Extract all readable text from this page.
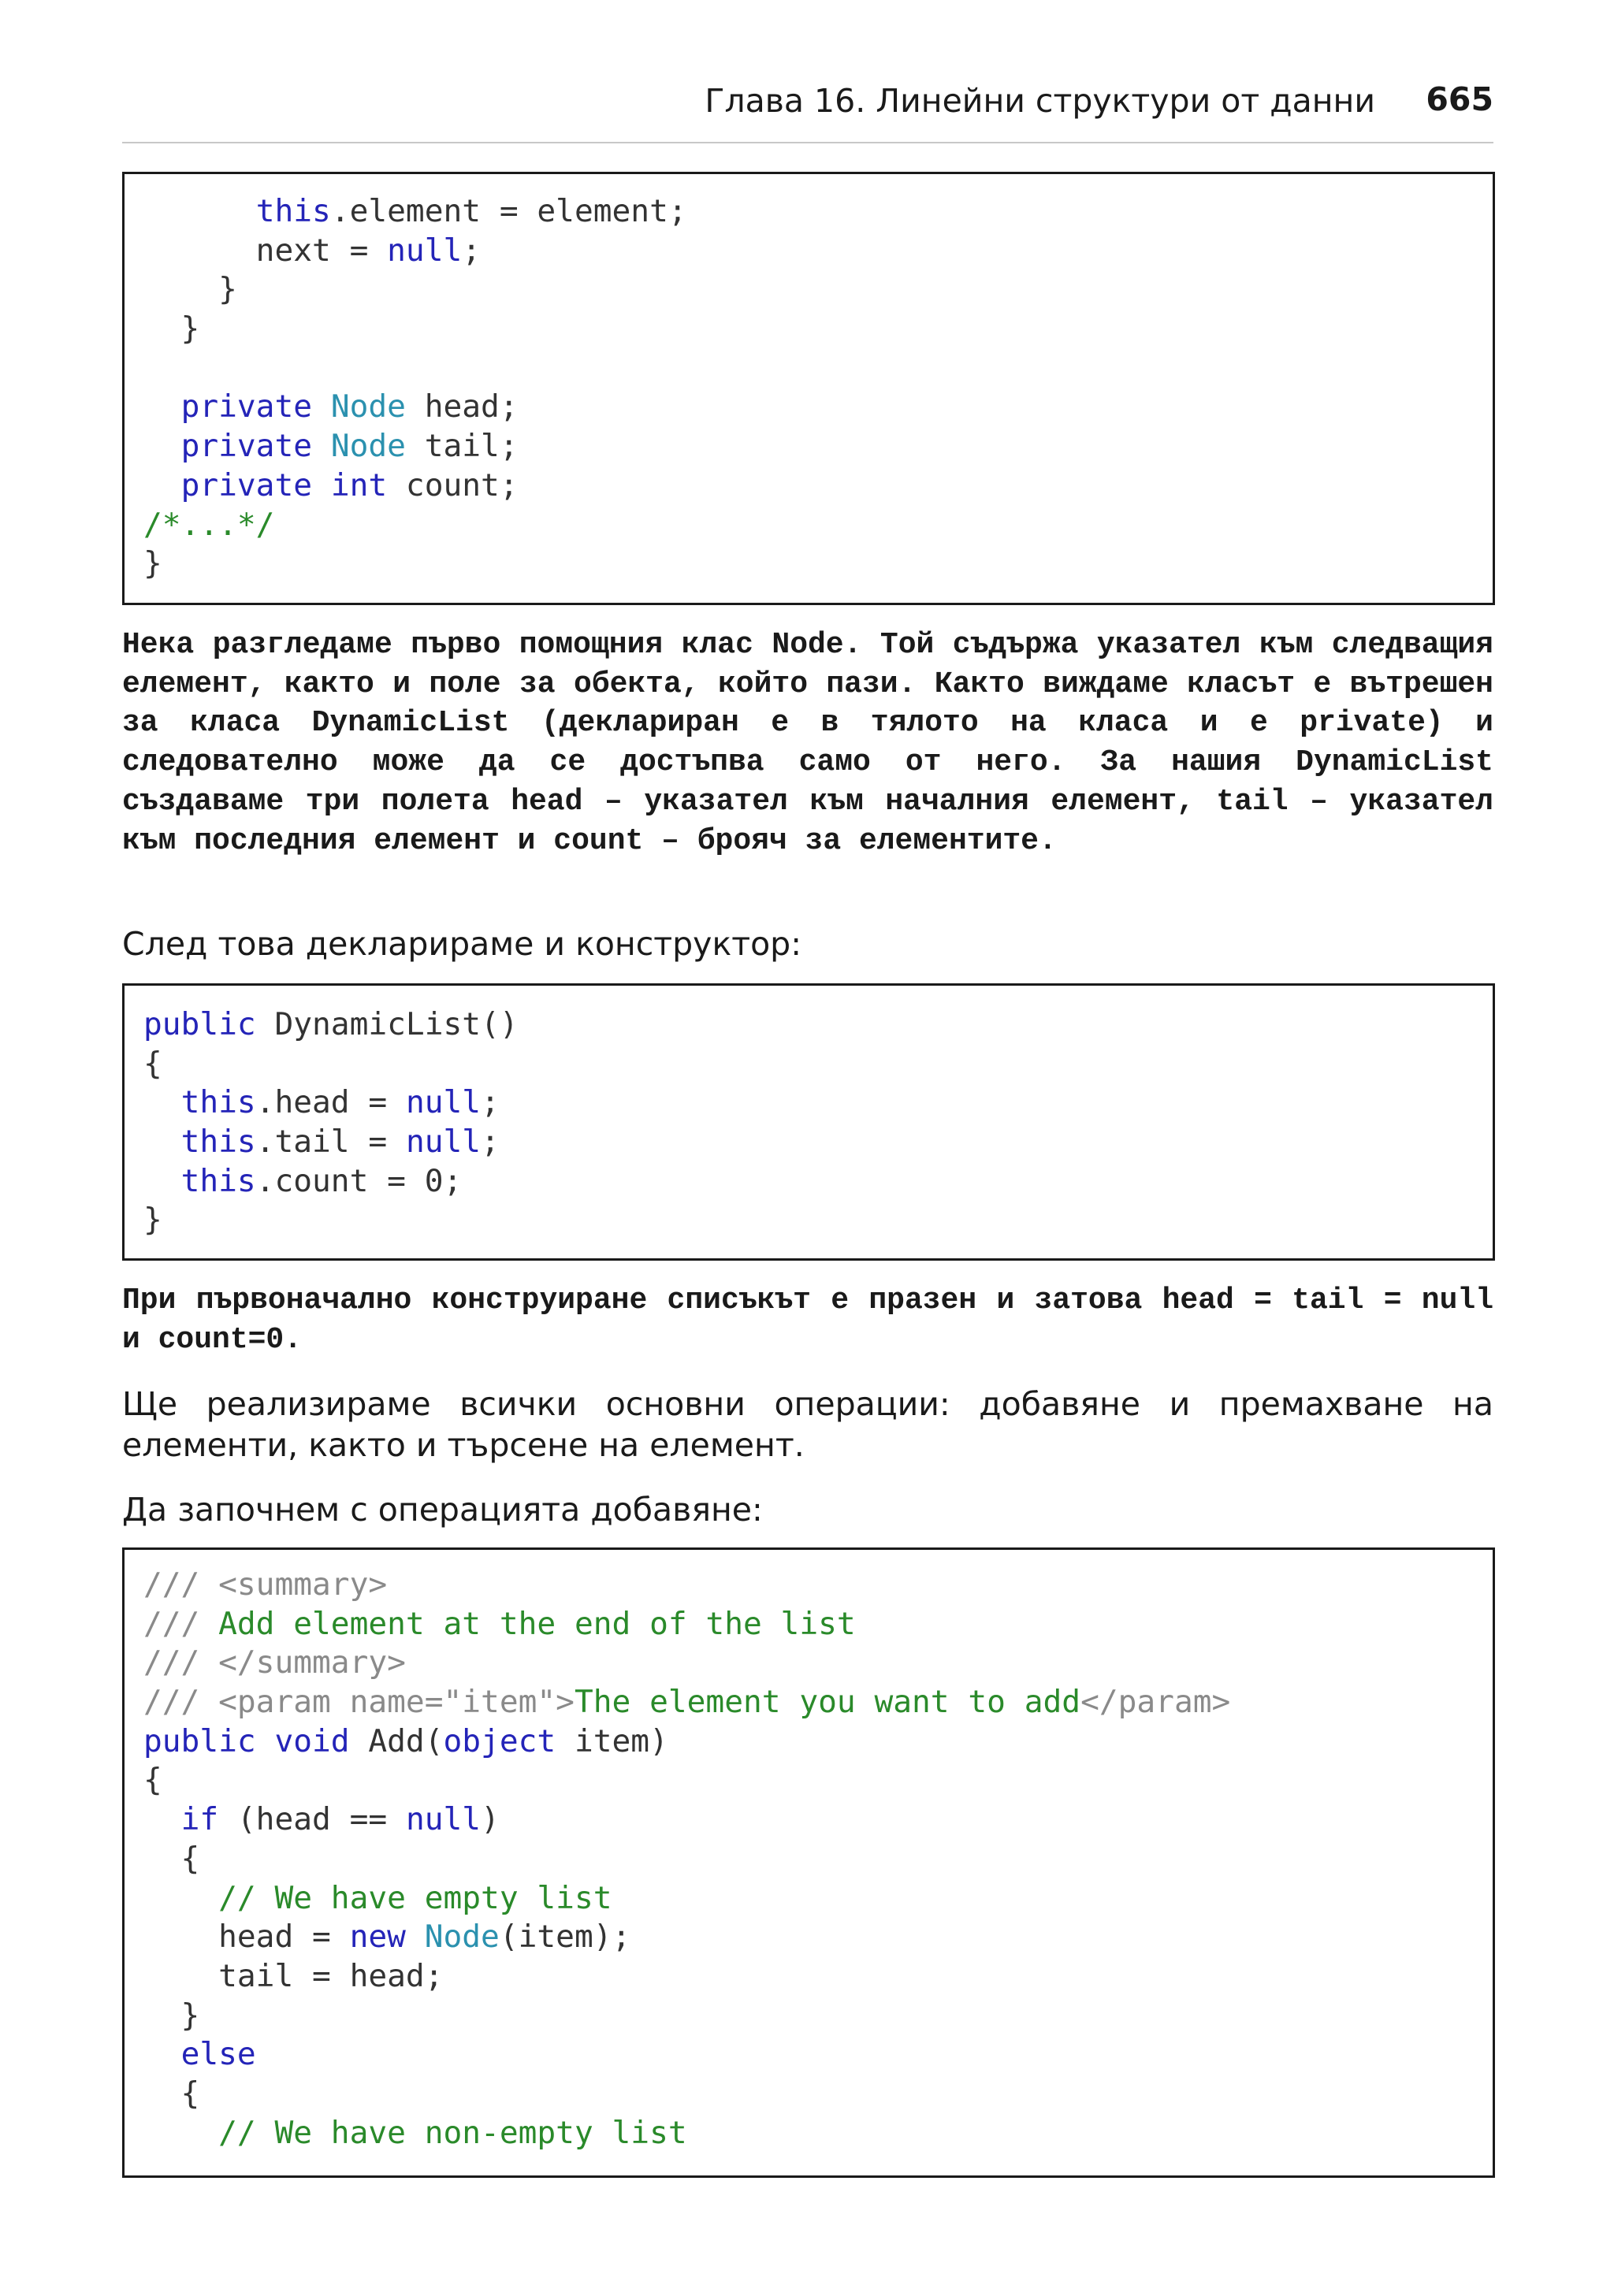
Глава 16. Линейни структури от данни 665
this.element = element;
next = null;
}
}

private Node head;
private Node tail;
private int count;
/*...*/
}
Нека разгледаме първо помощния клас Node. Той съдържа указател към следващия елемент, както и поле за обекта, който пази. Както виждаме класът е вътрешен за класа DynamicList (деклариран е в тялото на класа и е private) и следователно може да се достъпва само от него. За нашия DynamicList създаваме три полета head – указател към началния елемент, tail – указател към последния елемент и count – брояч за елементите.
След това декларираме и конструктор:
public DynamicList()
{
this.head = null;
this.tail = null;
this.count = 0;
}
При първоначално конструиране списъкът е празен и затова head = tail = null и count=0.
Ще реализираме всички основни операции: добавяне и премахване на елементи, както и търсене на елемент.
Да започнем с операцията добавяне:
/// <summary>
/// Add element at the end of the list
/// </summary>
/// <param name="item">The element you want to add</param>
public void Add(object item)
{
if (head == null)
{
// We have empty list
head = new Node(item);
tail = head;
}
else
{
// We have non-empty list
